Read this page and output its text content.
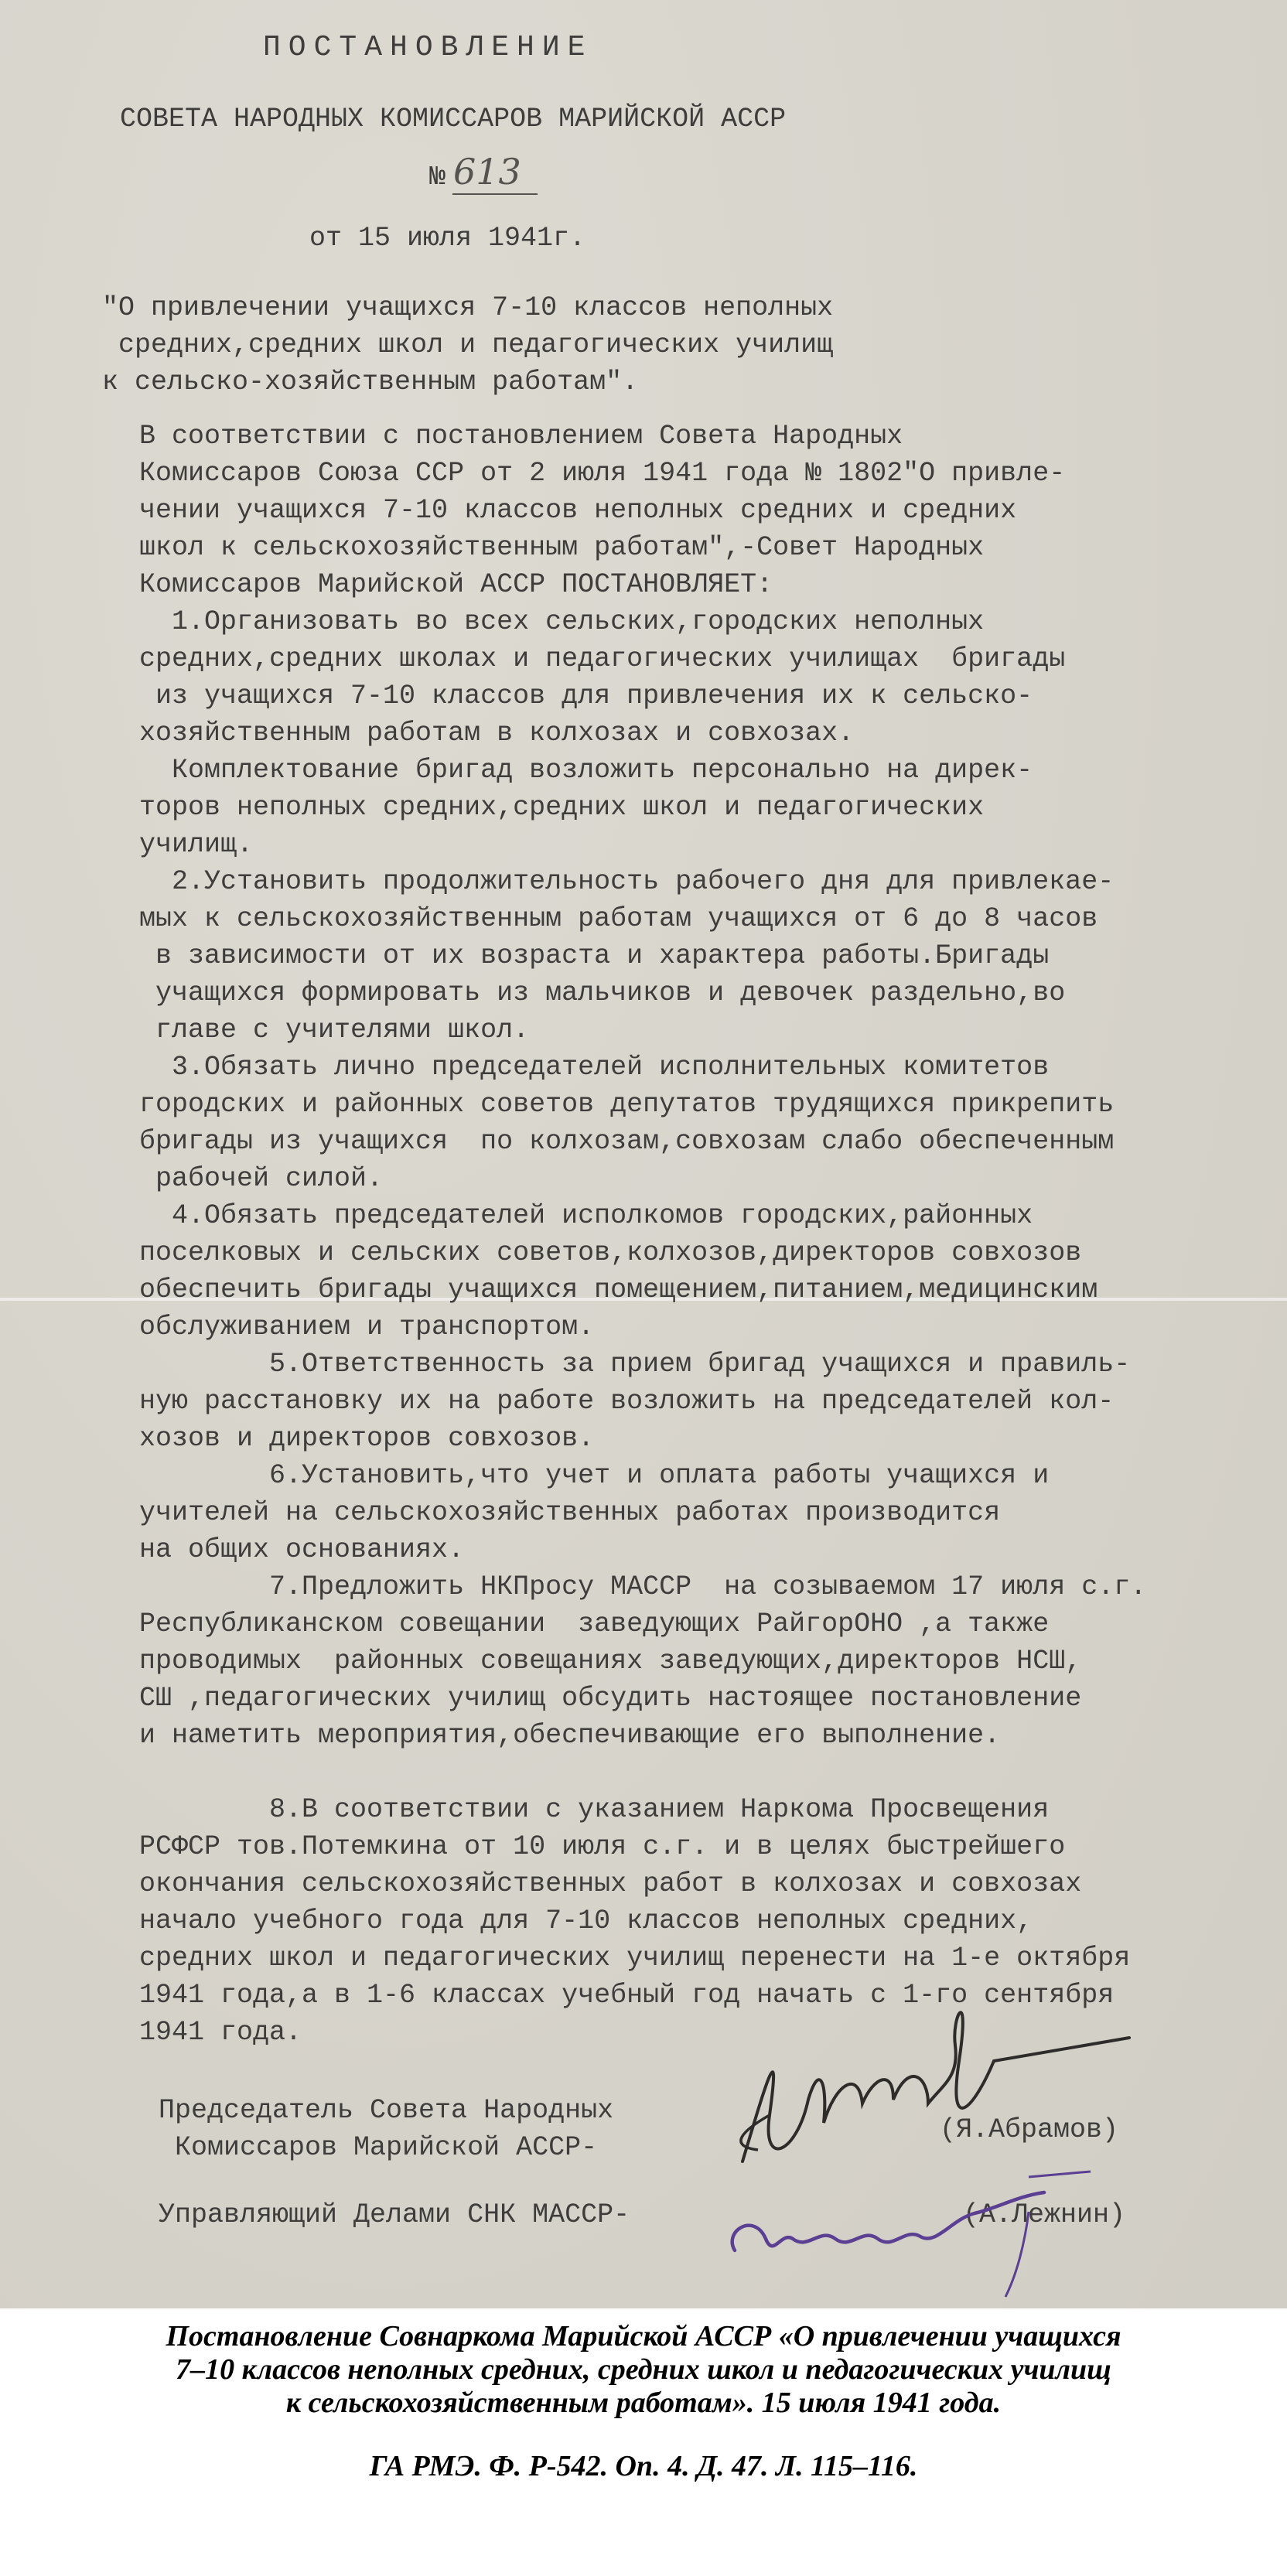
ПОСТАНОВЛЕНИЕ

СОВЕТА НАРОДНЫХ КОМИССАРОВ МАРИЙСКОЙ АССР

№ 613

от 15 июля 1941г.

"О привлечении учащихся 7-10 классов неполных
средних,средних школ и педагогических училищ
к сельско-хозяйственным работам".

В соответствии с постановлением Совета Народных
Комиссаров Союза ССР от 2 июля 1941 года № 1802"О привле-
чении учащихся 7-10 классов неполных средних и средних
школ к сельскохозяйственным работам",-Совет Народных
Комиссаров Марийской АССР ПОСТАНОВЛЯЕТ:
1.Организовать во всех сельских,городских неполных
средних,средних школах и педагогических училищах  бригады
из учащихся 7-10 классов для привлечения их к сельско-
хозяйственным работам в колхозах и совхозах.
Комплектование бригад возложить персонально на дирек-
торов неполных средних,средних школ и педагогических
училищ.
2.Установить продолжительность рабочего дня для привлекае-
мых к сельскохозяйственным работам учащихся от 6 до 8 часов
в зависимости от их возраста и характера работы.Бригады
учащихся формировать из мальчиков и девочек раздельно,во
главе с учителями школ.
3.Обязать лично председателей исполнительных комитетов
городских и районных советов депутатов трудящихся прикрепить
бригады из учащихся  по колхозам,совхозам слабо обеспеченным
рабочей силой.
4.Обязать председателей исполкомов городских,районных
поселковых и сельских советов,колхозов,директоров совхозов
обеспечить бригады учащихся помещением,питанием,медицинским
обслуживанием и транспортом.
5.Ответственность за прием бригад учащихся и правиль-
ную расстановку их на работе возложить на председателей кол-
хозов и директоров совхозов.
6.Установить,что учет и оплата работы учащихся и
учителей на сельскохозяйственных работах производится
на общих основаниях.
7.Предложить НКПросу МАССР  на созываемом 17 июля с.г.
Республиканском совещании  заведующих РайгорОНО ,а также
проводимых  районных совещаниях заведующих,директоров НСШ,
СШ ,педагогических училищ обсудить настоящее постановление
и наметить мероприятия,обеспечивающие его выполнение.

8.В соответствии с указанием Наркома Просвещения
РСФСР тов.Потемкина от 10 июля с.г. и в целях быстрейшего
окончания сельскохозяйственных работ в колхозах и совхозах
начало учебного года для 7-10 классов неполных средних,
средних школ и педагогических училищ перенести на 1-е октября
1941 года,а в 1-6 классах учебный год начать с 1-го сентября
1941 года.

Председатель Совета Народных
Комиссаров Марийской АССР-

(Я.Абрамов)

Управляющий Делами СНК МАССР-	(А.Лежнин)

Постановление Совнаркома Марийской АССР «О привлечении учащихся
7–10 классов неполных средних, средних школ и педагогических училищ
к сельскохозяйственным работам». 15 июля 1941 года.

ГА РМЭ. Ф. Р-542. Оп. 4. Д. 47. Л. 115–116.
